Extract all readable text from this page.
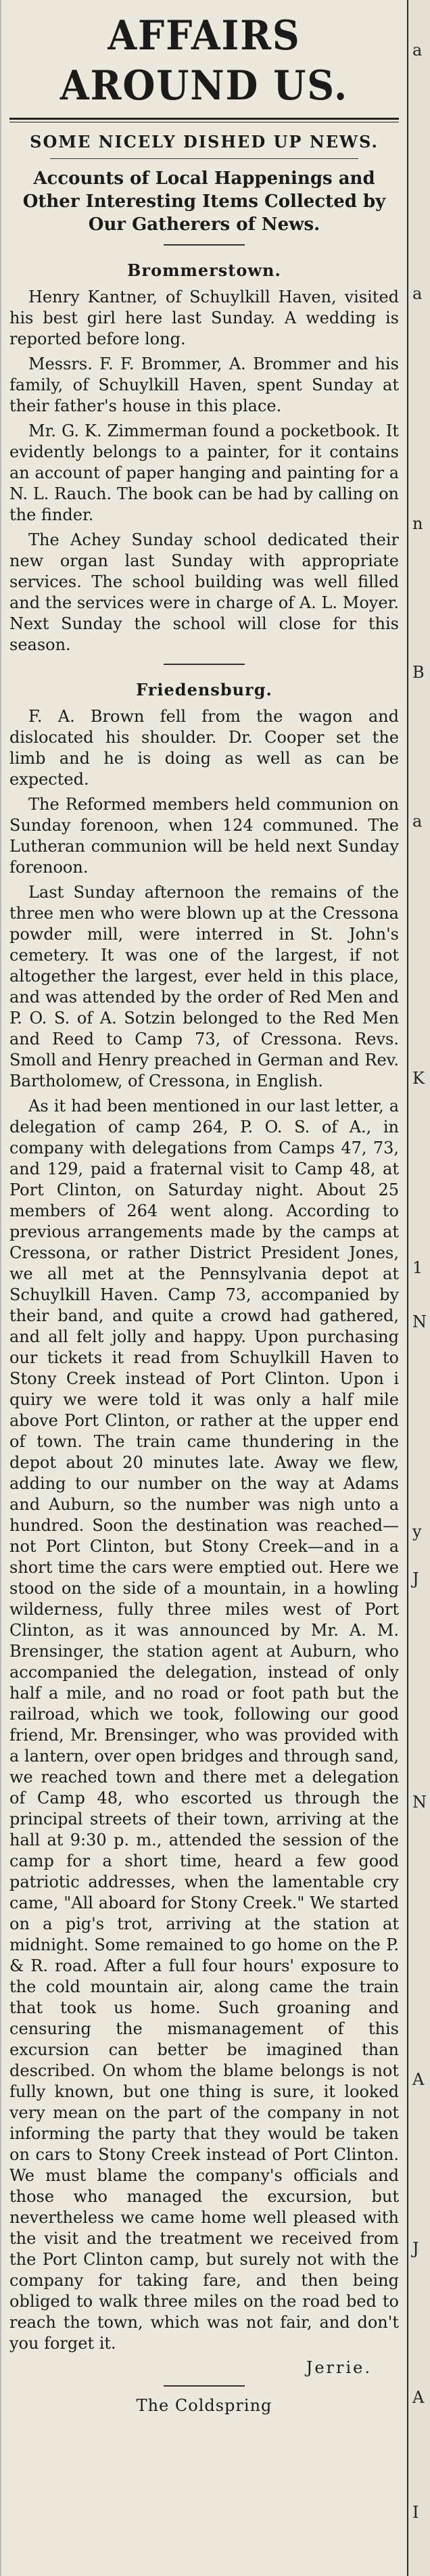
AFFAIRS AROUND US.
SOME NICELY DISHED UP NEWS.
Accounts of Local Happenings and Other Interesting Items Collected by Our Gatherers of News.
Brommerstown.

Henry Kantner, of Schuylkill Haven, visited his best girl here last Sunday. A wedding is reported before long.

Messrs. F. F. Brommer, A. Brommer and his family, of Schuylkill Haven, spent Sunday at their father's house in this place.

Mr. G. K. Zimmerman found a pocketbook. It evidently belongs to a painter, for it contains an account of paper hanging and painting for a N. L. Rauch. The book can be had by calling on the finder.

The Achey Sunday school dedicated their new organ last Sunday with appropriate services. The school building was well filled and the services were in charge of A. L. Moyer. Next Sunday the school will close for this season.

Friedensburg.

F. A. Brown fell from the wagon and dislocated his shoulder. Dr. Cooper set the limb and he is doing as well as can be expected.

The Reformed members held communion on Sunday forenoon, when 124 communed. The Lutheran communion will be held next Sunday forenoon.

Last Sunday afternoon the remains of the three men who were blown up at the Cressona powder mill, were interred in St. John's cemetery. It was one of the largest, if not altogether the largest, ever held in this place, and was attended by the order of Red Men and P. O. S. of A. Sotzin belonged to the Red Men and Reed to Camp 73, of Cressona. Revs. Smoll and Henry preached in German and Rev. Bartholomew, of Cressona, in English.

As it had been mentioned in our last letter, a delegation of camp 264, P. O. S. of A., in company with delegations from Camps 47, 73, and 129, paid a fraternal visit to Camp 48, at Port Clinton, on Saturday night. About 25 members of 264 went along. According to previous arrangements made by the camps at Cressona, or rather District President Jones, we all met at the Pennsylvania depot at Schuylkill Haven. Camp 73, accompanied by their band, and quite a crowd had gathered, and all felt jolly and happy. Upon purchasing our tickets it read from Schuylkill Haven to Stony Creek instead of Port Clinton. Upon i quiry we were told it was only a half mile above Port Clinton, or rather at the upper end of town. The train came thundering in the depot about 20 minutes late. Away we flew, adding to our number on the way at Adams and Auburn, so the number was nigh unto a hundred. Soon the destination was reached—not Port Clinton, but Stony Creek—and in a short time the cars were emptied out. Here we stood on the side of a mountain, in a howling wilderness, fully three miles west of Port Clinton, as it was announced by Mr. A. M. Brensinger, the station agent at Auburn, who accompanied the delegation, instead of only half a mile, and no road or foot path but the railroad, which we took, following our good friend, Mr. Brensinger, who was provided with a lantern, over open bridges and through sand, we reached town and there met a delegation of Camp 48, who escorted us through the principal streets of their town, arriving at the hall at 9:30 p. m., attended the session of the camp for a short time, heard a few good patriotic addresses, when the lamentable cry came, "All aboard for Stony Creek." We started on a pig's trot, arriving at the station at midnight. Some remained to go home on the P. & R. road. After a full four hours' exposure to the cold mountain air, along came the train that took us home. Such groaning and censuring the mismanagement of this excursion can better be imagined than described. On whom the blame belongs is not fully known, but one thing is sure, it looked very mean on the part of the company in not informing the party that they would be taken on cars to Stony Creek instead of Port Clinton. We must blame the company's officials and those who managed the excursion, but nevertheless we came home well pleased with the visit and the treatment we received from the Port Clinton camp, but surely not with the company for taking fare, and then being obliged to walk three miles on the road bed to reach the town, which was not fair, and don't you forget it.

Jerrie.
The Coldspring
a
a
n
B
a
K
1
N
y
J
N
A
J
A
I
